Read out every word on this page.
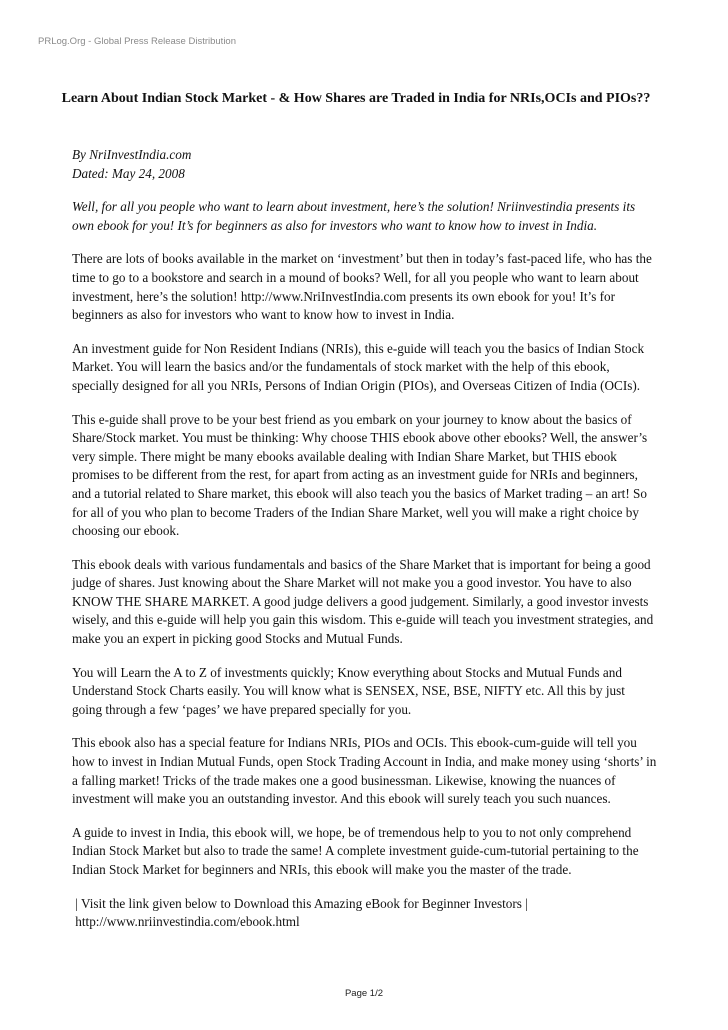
PRLog.Org - Global Press Release Distribution
Learn About Indian Stock Market - & How Shares are Traded in India for NRIs,OCIs and PIOs??

By NriInvestIndia.com

Dated: May 24, 2008

Well, for all you people who want to learn about investment, here’s the solution! Nriinvestindia presents its own ebook for you! It’s for beginners as also for investors who want to know how to invest in India.

There are lots of books available in the market on ‘investment’ but then in today’s fast-paced life, who has the time to go to a bookstore and search in a mound of books? Well, for all you people who want to learn about investment, here’s the solution! http://www.NriInvestIndia.com presents its own ebook for you! It’s for beginners as also for investors who want to know how to invest in India.

An investment guide for Non Resident Indians (NRIs), this e-guide will teach you the basics of Indian Stock Market. You will learn the basics and/or the fundamentals of stock market with the help of this ebook, specially designed for all you NRIs, Persons of Indian Origin (PIOs), and Overseas Citizen of India (OCIs).

This e-guide shall prove to be your best friend as you embark on your journey to know about the basics of Share/Stock market. You must be thinking: Why choose THIS ebook above other ebooks? Well, the answer’s very simple. There might be many ebooks available dealing with Indian Share Market, but THIS ebook promises to be different from the rest, for apart from acting as an investment guide for NRIs and beginners, and a tutorial related to Share market, this ebook will also teach you the basics of Market trading – an art! So for all of you who plan to become Traders of the Indian Share Market, well you will make a right choice by choosing our ebook.

This ebook deals with various fundamentals and basics of the Share Market that is important for being a good judge of shares. Just knowing about the Share Market will not make you a good investor. You have to also KNOW THE SHARE MARKET. A good judge delivers a good judgement. Similarly, a good investor invests wisely, and this e-guide will help you gain this wisdom. This e-guide will teach you investment strategies, and make you an expert in picking good Stocks and Mutual Funds.

You will Learn the A to Z of investments quickly; Know everything about Stocks and Mutual Funds and Understand Stock Charts easily. You will know what is SENSEX, NSE, BSE, NIFTY etc. All this by just going through a few ‘pages’ we have prepared specially for you.

This ebook also has a special feature for Indians NRIs, PIOs and OCIs. This ebook-cum-guide will tell you how to invest in Indian Mutual Funds, open Stock Trading Account in India, and make money using ‘shorts’ in a falling market! Tricks of the trade makes one a good businessman. Likewise, knowing the nuances of investment will make you an outstanding investor. And this ebook will surely teach you such nuances.

A guide to invest in India, this ebook will, we hope, be of tremendous help to you to not only comprehend Indian Stock Market but also to trade the same! A complete investment guide-cum-tutorial pertaining to the Indian Stock Market for beginners and NRIs, this ebook will make you the master of the trade.

| Visit the link given below to Download this Amazing eBook for Beginner Investors |
http://www.nriinvestindia.com/ebook.html

Page 1/2
